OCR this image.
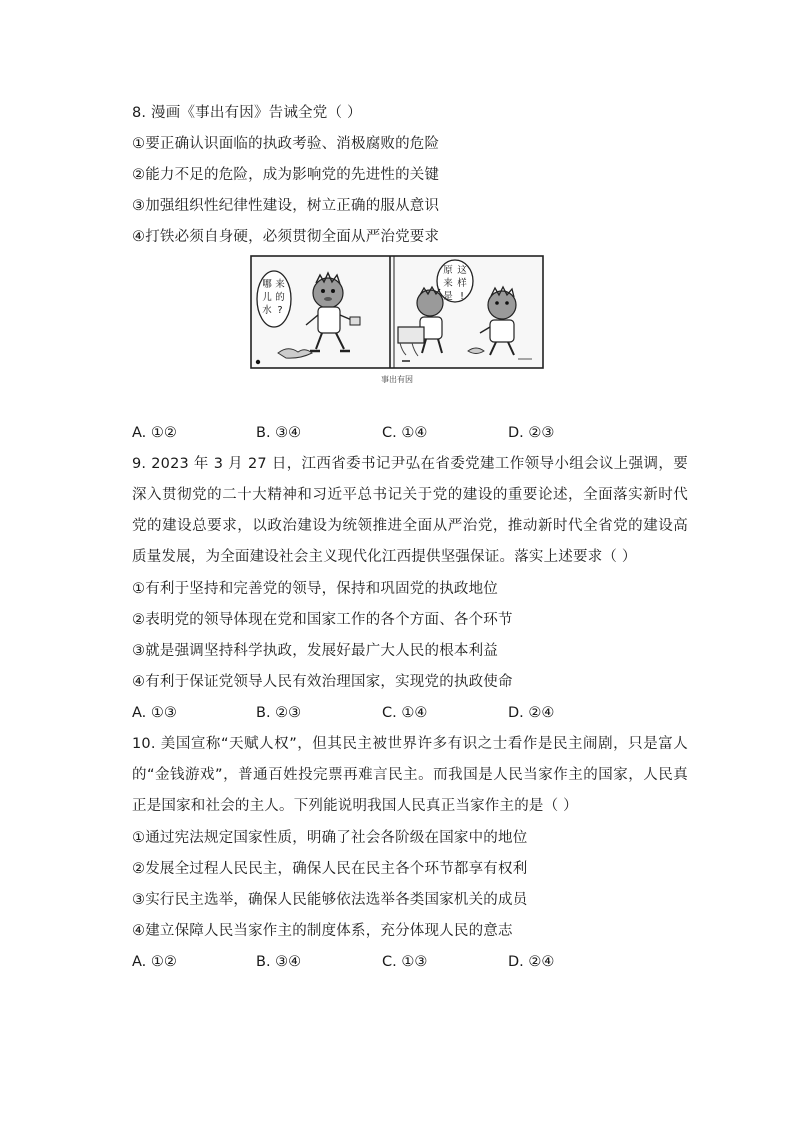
8. 漫画《事出有因》告诫全党（ ）
①要正确认识面临的执政考验、消极腐败的危险
②能力不足的危险，成为影响党的先进性的关键
③加强组织性纪律性建设，树立正确的服从意识
④打铁必须自身硬，必须贯彻全面从严治党要求
哪
儿
水
来
的
?
原
来
是
这
样
!
事出有因
A. ①②	B. ③④	C. ①④	D. ②③
9. 2023 年 3 月 27 日，江西省委书记尹弘在省委党建工作领导小组会议上强调，要深入贯彻党的二十大精神和习近平总书记关于党的建设的重要论述，全面落实新时代党的建设总要求，以政治建设为统领推进全面从严治党，推动新时代全省党的建设高质量发展，为全面建设社会主义现代化江西提供坚强保证。落实上述要求（ ）
①有利于坚持和完善党的领导，保持和巩固党的执政地位
②表明党的领导体现在党和国家工作的各个方面、各个环节
③就是强调坚持科学执政，发展好最广大人民的根本利益
④有利于保证党领导人民有效治理国家，实现党的执政使命
A. ①③	B. ②③	C. ①④	D. ②④
10. 美国宣称“天赋人权”，但其民主被世界许多有识之士看作是民主闹剧，只是富人的“金钱游戏”，普通百姓投完票再难言民主。而我国是人民当家作主的国家，人民真正是国家和社会的主人。下列能说明我国人民真正当家作主的是（ ）
①通过宪法规定国家性质，明确了社会各阶级在国家中的地位
②发展全过程人民民主，确保人民在民主各个环节都享有权利
③实行民主选举，确保人民能够依法选举各类国家机关的成员
④建立保障人民当家作主的制度体系，充分体现人民的意志
A. ①②	B. ③④	C. ①③	D. ②④
